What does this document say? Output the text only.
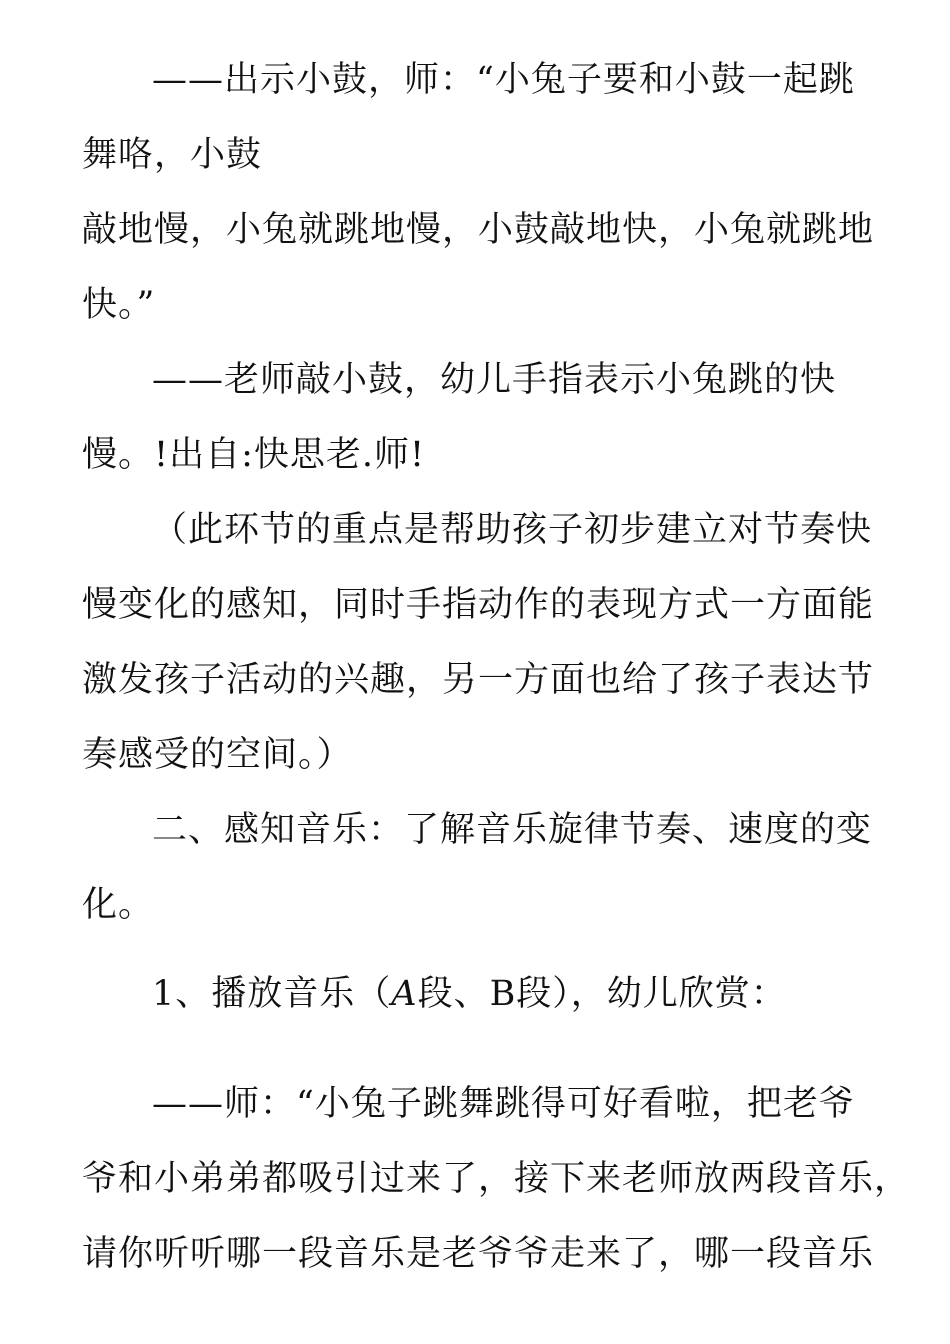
——出示小鼓，师：“小兔子要和小鼓一起跳
舞咯，小鼓
敲地慢，小兔就跳地慢，小鼓敲地快，小兔就跳地
快。”
——老师敲小鼓，幼儿手指表示小兔跳的快
慢。!出自:快思老.师!
（此环节的重点是帮助孩子初步建立对节奏快
慢变化的感知，同时手指动作的表现方式一方面能
激发孩子活动的兴趣，另一方面也给了孩子表达节
奏感受的空间。）
二、感知音乐：了解音乐旋律节奏、速度的变
化。
1、播放音乐（A段、B段），幼儿欣赏：
——师：“小兔子跳舞跳得可好看啦，把老爷
爷和小弟弟都吸引过来了，接下来老师放两段音乐，
请你听听哪一段音乐是老爷爷走来了，哪一段音乐
